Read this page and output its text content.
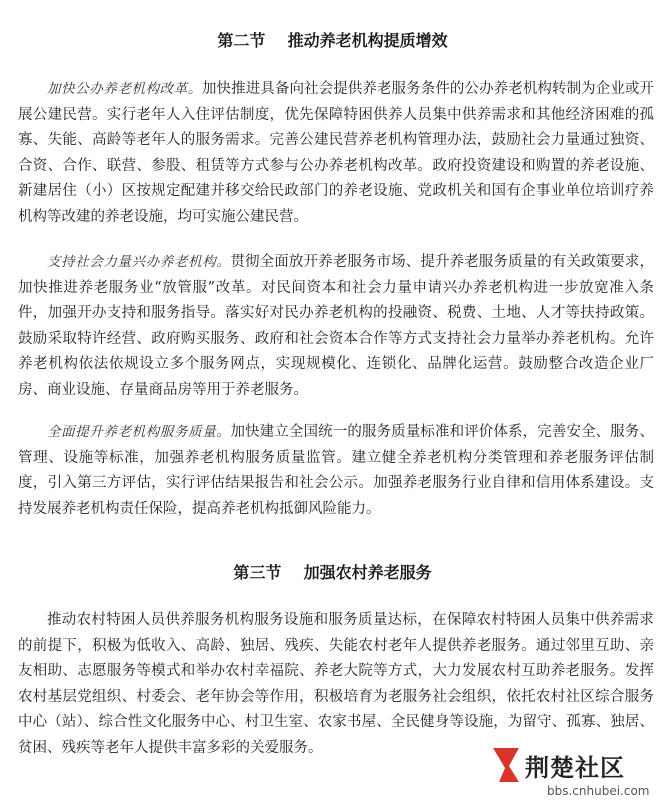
第二节    推动养老机构提质增效

加快公办养老机构改革。加快推进具备向社会提供养老服务条件的公办养老机构转制为企业或开展公建民营。实行老年人入住评估制度，优先保障特困供养人员集中供养需求和其他经济困难的孤寡、失能、高龄等老年人的服务需求。完善公建民营养老机构管理办法，鼓励社会力量通过独资、合资、合作、联营、参股、租赁等方式参与公办养老机构改革。政府投资建设和购置的养老设施、新建居住（小）区按规定配建并移交给民政部门的养老设施、党政机关和国有企事业单位培训疗养机构等改建的养老设施，均可实施公建民营。

支持社会力量兴办养老机构。贯彻全面放开养老服务市场、提升养老服务质量的有关政策要求，加快推进养老服务业“放管服”改革。对民间资本和社会力量申请兴办养老机构进一步放宽准入条件，加强开办支持和服务指导。落实好对民办养老机构的投融资、税费、土地、人才等扶持政策。鼓励采取特许经营、政府购买服务、政府和社会资本合作等方式支持社会力量举办养老机构。允许养老机构依法依规设立多个服务网点，实现规模化、连锁化、品牌化运营。鼓励整合改造企业厂房、商业设施、存量商品房等用于养老服务。

全面提升养老机构服务质量。加快建立全国统一的服务质量标准和评价体系，完善安全、服务、管理、设施等标准，加强养老机构服务质量监管。建立健全养老机构分类管理和养老服务评估制度，引入第三方评估，实行评估结果报告和社会公示。加强养老服务行业自律和信用体系建设。支持发展养老机构责任保险，提高养老机构抵御风险能力。

第三节    加强农村养老服务

推动农村特困人员供养服务机构服务设施和服务质量达标，在保障农村特困人员集中供养需求的前提下，积极为低收入、高龄、独居、残疾、失能农村老年人提供养老服务。通过邻里互助、亲友相助、志愿服务等模式和举办农村幸福院、养老大院等方式，大力发展农村互助养老服务。发挥农村基层党组织、村委会、老年协会等作用，积极培育为老服务社会组织，依托农村社区综合服务中心（站）、综合性文化服务中心、村卫生室、农家书屋、全民健身等设施，为留守、孤寡、独居、贫困、残疾等老年人提供丰富多彩的关爱服务。

荆楚社区
bbs.cnhubei.com
